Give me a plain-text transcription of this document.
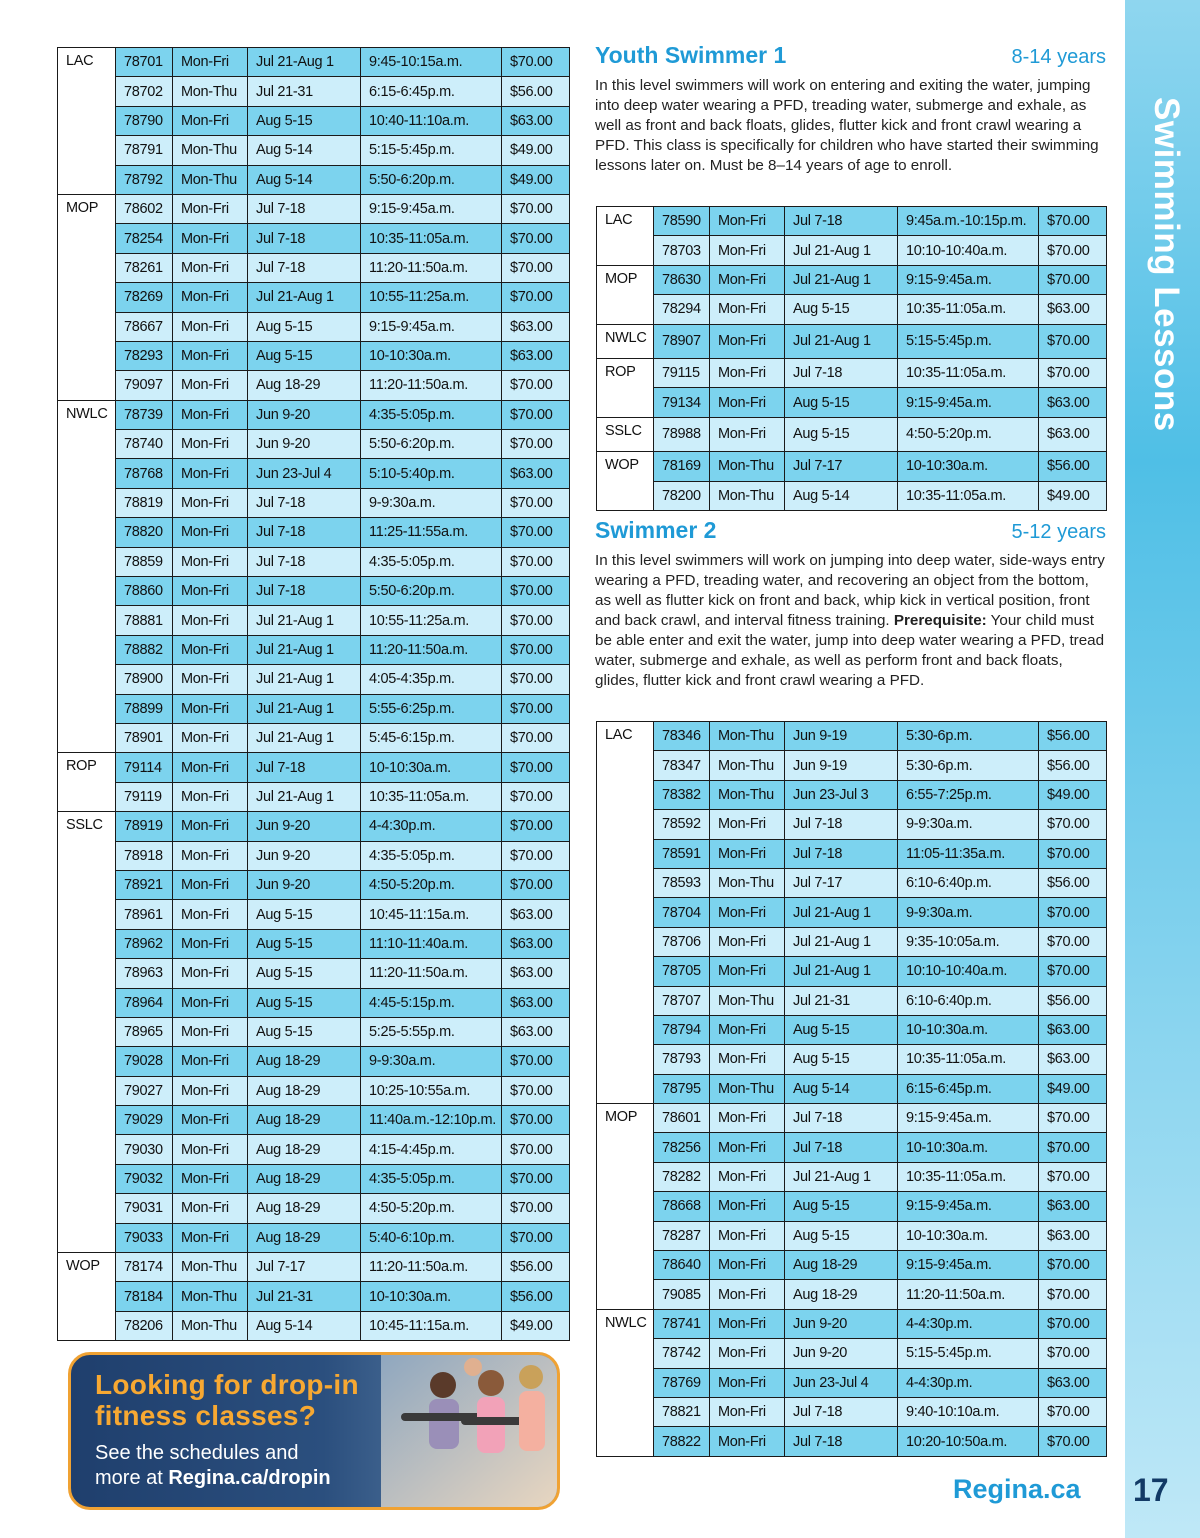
LAC	78701	Mon-Fri	Jul 21-Aug 1	9:45-10:15a.m.	$70.00
	78702	Mon-Thu	Jul 21-31	6:15-6:45p.m.	$56.00
	78790	Mon-Fri	Aug 5-15	10:40-11:10a.m.	$63.00
	78791	Mon-Thu	Aug 5-14	5:15-5:45p.m.	$49.00
	78792	Mon-Thu	Aug 5-14	5:50-6:20p.m.	$49.00
MOP	78602	Mon-Fri	Jul 7-18	9:15-9:45a.m.	$70.00
	78254	Mon-Fri	Jul 7-18	10:35-11:05a.m.	$70.00
	78261	Mon-Fri	Jul 7-18	11:20-11:50a.m.	$70.00
	78269	Mon-Fri	Jul 21-Aug 1	10:55-11:25a.m.	$70.00
	78667	Mon-Fri	Aug 5-15	9:15-9:45a.m.	$63.00
	78293	Mon-Fri	Aug 5-15	10-10:30a.m.	$63.00
	79097	Mon-Fri	Aug 18-29	11:20-11:50a.m.	$70.00
NWLC	78739	Mon-Fri	Jun 9-20	4:35-5:05p.m.	$70.00
	78740	Mon-Fri	Jun 9-20	5:50-6:20p.m.	$70.00
	78768	Mon-Fri	Jun 23-Jul 4	5:10-5:40p.m.	$63.00
	78819	Mon-Fri	Jul 7-18	9-9:30a.m.	$70.00
	78820	Mon-Fri	Jul 7-18	11:25-11:55a.m.	$70.00
	78859	Mon-Fri	Jul 7-18	4:35-5:05p.m.	$70.00
	78860	Mon-Fri	Jul 7-18	5:50-6:20p.m.	$70.00
	78881	Mon-Fri	Jul 21-Aug 1	10:55-11:25a.m.	$70.00
	78882	Mon-Fri	Jul 21-Aug 1	11:20-11:50a.m.	$70.00
	78900	Mon-Fri	Jul 21-Aug 1	4:05-4:35p.m.	$70.00
	78899	Mon-Fri	Jul 21-Aug 1	5:55-6:25p.m.	$70.00
	78901	Mon-Fri	Jul 21-Aug 1	5:45-6:15p.m.	$70.00
ROP	79114	Mon-Fri	Jul 7-18	10-10:30a.m.	$70.00
	79119	Mon-Fri	Jul 21-Aug 1	10:35-11:05a.m.	$70.00
SSLC	78919	Mon-Fri	Jun 9-20	4-4:30p.m.	$70.00
	78918	Mon-Fri	Jun 9-20	4:35-5:05p.m.	$70.00
	78921	Mon-Fri	Jun 9-20	4:50-5:20p.m.	$70.00
	78961	Mon-Fri	Aug 5-15	10:45-11:15a.m.	$63.00
	78962	Mon-Fri	Aug 5-15	11:10-11:40a.m.	$63.00
	78963	Mon-Fri	Aug 5-15	11:20-11:50a.m.	$63.00
	78964	Mon-Fri	Aug 5-15	4:45-5:15p.m.	$63.00
	78965	Mon-Fri	Aug 5-15	5:25-5:55p.m.	$63.00
	79028	Mon-Fri	Aug 18-29	9-9:30a.m.	$70.00
	79027	Mon-Fri	Aug 18-29	10:25-10:55a.m.	$70.00
	79029	Mon-Fri	Aug 18-29	11:40a.m.-12:10p.m.	$70.00
	79030	Mon-Fri	Aug 18-29	4:15-4:45p.m.	$70.00
	79032	Mon-Fri	Aug 18-29	4:35-5:05p.m.	$70.00
	79031	Mon-Fri	Aug 18-29	4:50-5:20p.m.	$70.00
	79033	Mon-Fri	Aug 18-29	5:40-6:10p.m.	$70.00
WOP	78174	Mon-Thu	Jul 7-17	11:20-11:50a.m.	$56.00
	78184	Mon-Thu	Jul 21-31	10-10:30a.m.	$56.00
	78206	Mon-Thu	Aug 5-14	10:45-11:15a.m.	$49.00
Youth Swimmer 1	8-14 years
In this level swimmers will work on entering and exiting the water, jumping into deep water wearing a PFD, treading water, submerge and exhale, as well as front and back floats, glides, flutter kick and front crawl wearing a PFD. This class is specifically for children who have started their swimming lessons later on. Must be 8–14 years of age to enroll.
LAC	78590	Mon-Fri	Jul 7-18	9:45a.m.-10:15p.m.	$70.00
	78703	Mon-Fri	Jul 21-Aug 1	10:10-10:40a.m.	$70.00
MOP	78630	Mon-Fri	Jul 21-Aug 1	9:15-9:45a.m.	$70.00
	78294	Mon-Fri	Aug 5-15	10:35-11:05a.m.	$63.00
NWLC	78907	Mon-Fri	Jul 21-Aug 1	5:15-5:45p.m.	$70.00
ROP	79115	Mon-Fri	Jul 7-18	10:35-11:05a.m.	$70.00
	79134	Mon-Fri	Aug 5-15	9:15-9:45a.m.	$63.00
SSLC	78988	Mon-Fri	Aug 5-15	4:50-5:20p.m.	$63.00
WOP	78169	Mon-Thu	Jul 7-17	10-10:30a.m.	$56.00
	78200	Mon-Thu	Aug 5-14	10:35-11:05a.m.	$49.00
Swimmer 2	5-12 years
In this level swimmers will work on jumping into deep water, side-ways entry wearing a PFD, treading water, and recovering an object from the bottom, as well as flutter kick on front and back, whip kick in vertical position, front and back crawl, and interval fitness training. Prerequisite: Your child must be able enter and exit the water, jump into deep water wearing a PFD, tread water, submerge and exhale, as well as perform front and back floats, glides, flutter kick and front crawl wearing a PFD.
LAC	78346	Mon-Thu	Jun 9-19	5:30-6p.m.	$56.00
	78347	Mon-Thu	Jun 9-19	5:30-6p.m.	$56.00
	78382	Mon-Thu	Jun 23-Jul 3	6:55-7:25p.m.	$49.00
	78592	Mon-Fri	Jul 7-18	9-9:30a.m.	$70.00
	78591	Mon-Fri	Jul 7-18	11:05-11:35a.m.	$70.00
	78593	Mon-Thu	Jul 7-17	6:10-6:40p.m.	$56.00
	78704	Mon-Fri	Jul 21-Aug 1	9-9:30a.m.	$70.00
	78706	Mon-Fri	Jul 21-Aug 1	9:35-10:05a.m.	$70.00
	78705	Mon-Fri	Jul 21-Aug 1	10:10-10:40a.m.	$70.00
	78707	Mon-Thu	Jul 21-31	6:10-6:40p.m.	$56.00
	78794	Mon-Fri	Aug 5-15	10-10:30a.m.	$63.00
	78793	Mon-Fri	Aug 5-15	10:35-11:05a.m.	$63.00
	78795	Mon-Thu	Aug 5-14	6:15-6:45p.m.	$49.00
MOP	78601	Mon-Fri	Jul 7-18	9:15-9:45a.m.	$70.00
	78256	Mon-Fri	Jul 7-18	10-10:30a.m.	$70.00
	78282	Mon-Fri	Jul 21-Aug 1	10:35-11:05a.m.	$70.00
	78668	Mon-Fri	Aug 5-15	9:15-9:45a.m.	$63.00
	78287	Mon-Fri	Aug 5-15	10-10:30a.m.	$63.00
	78640	Mon-Fri	Aug 18-29	9:15-9:45a.m.	$70.00
	79085	Mon-Fri	Aug 18-29	11:20-11:50a.m.	$70.00
NWLC	78741	Mon-Fri	Jun 9-20	4-4:30p.m.	$70.00
	78742	Mon-Fri	Jun 9-20	5:15-5:45p.m.	$70.00
	78769	Mon-Fri	Jun 23-Jul 4	4-4:30p.m.	$63.00
	78821	Mon-Fri	Jul 7-18	9:40-10:10a.m.	$70.00
	78822	Mon-Fri	Jul 7-18	10:20-10:50a.m.	$70.00
Swimming Lessons
Regina.ca 17
Looking for drop-in
fitness classes?
See the schedules and
more at Regina.ca/dropin
